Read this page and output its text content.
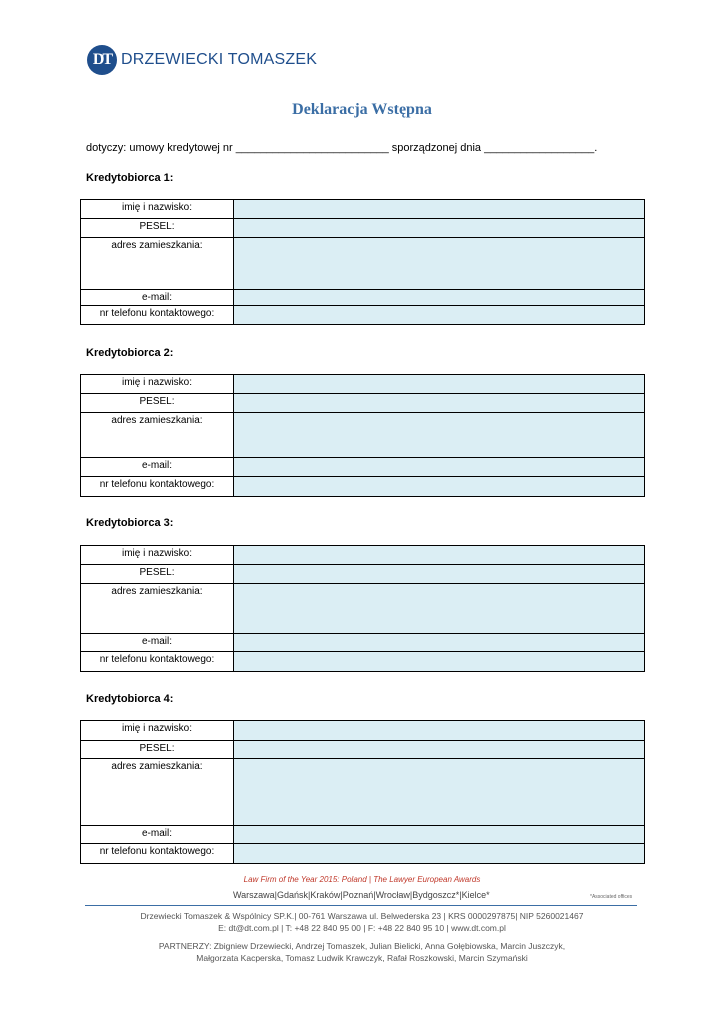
DT DRZEWIECKI TOMASZEK
Deklaracja Wstępna
dotyczy: umowy kredytowej nr _________________________ sporządzonej dnia __________________.
Kredytobiorca 1:
imię i nazwisko:	
PESEL:	
adres zamieszkania:	
e-mail:	
nr telefonu kontaktowego:	
Kredytobiorca 2:
imię i nazwisko:	
PESEL:	
adres zamieszkania:	
e-mail:	
nr telefonu kontaktowego:	
Kredytobiorca 3:
imię i nazwisko:	
PESEL:	
adres zamieszkania:	
e-mail:	
nr telefonu kontaktowego:	
Kredytobiorca 4:
imię i nazwisko:	
PESEL:	
adres zamieszkania:	
e-mail:	
nr telefonu kontaktowego:	
Law Firm of the Year 2015: Poland | The Lawyer European Awards
Warszawa|Gdańsk|Kraków|Poznań|Wrocław|Bydgoszcz*|Kielce*	*Associated offices
Drzewiecki Tomaszek & Wspólnicy SP.K.| 00-761 Warszawa ul. Belwederska 23 | KRS 0000297875| NIP 5260021467
E: dt@dt.com.pl | T: +48 22 840 95 00 | F: +48 22 840 95 10 | www.dt.com.pl
PARTNERZY: Zbigniew Drzewiecki, Andrzej Tomaszek, Julian Bielicki, Anna Gołębiowska, Marcin Juszczyk,
Małgorzata Kacperska, Tomasz Ludwik Krawczyk, Rafał Roszkowski, Marcin Szymański
